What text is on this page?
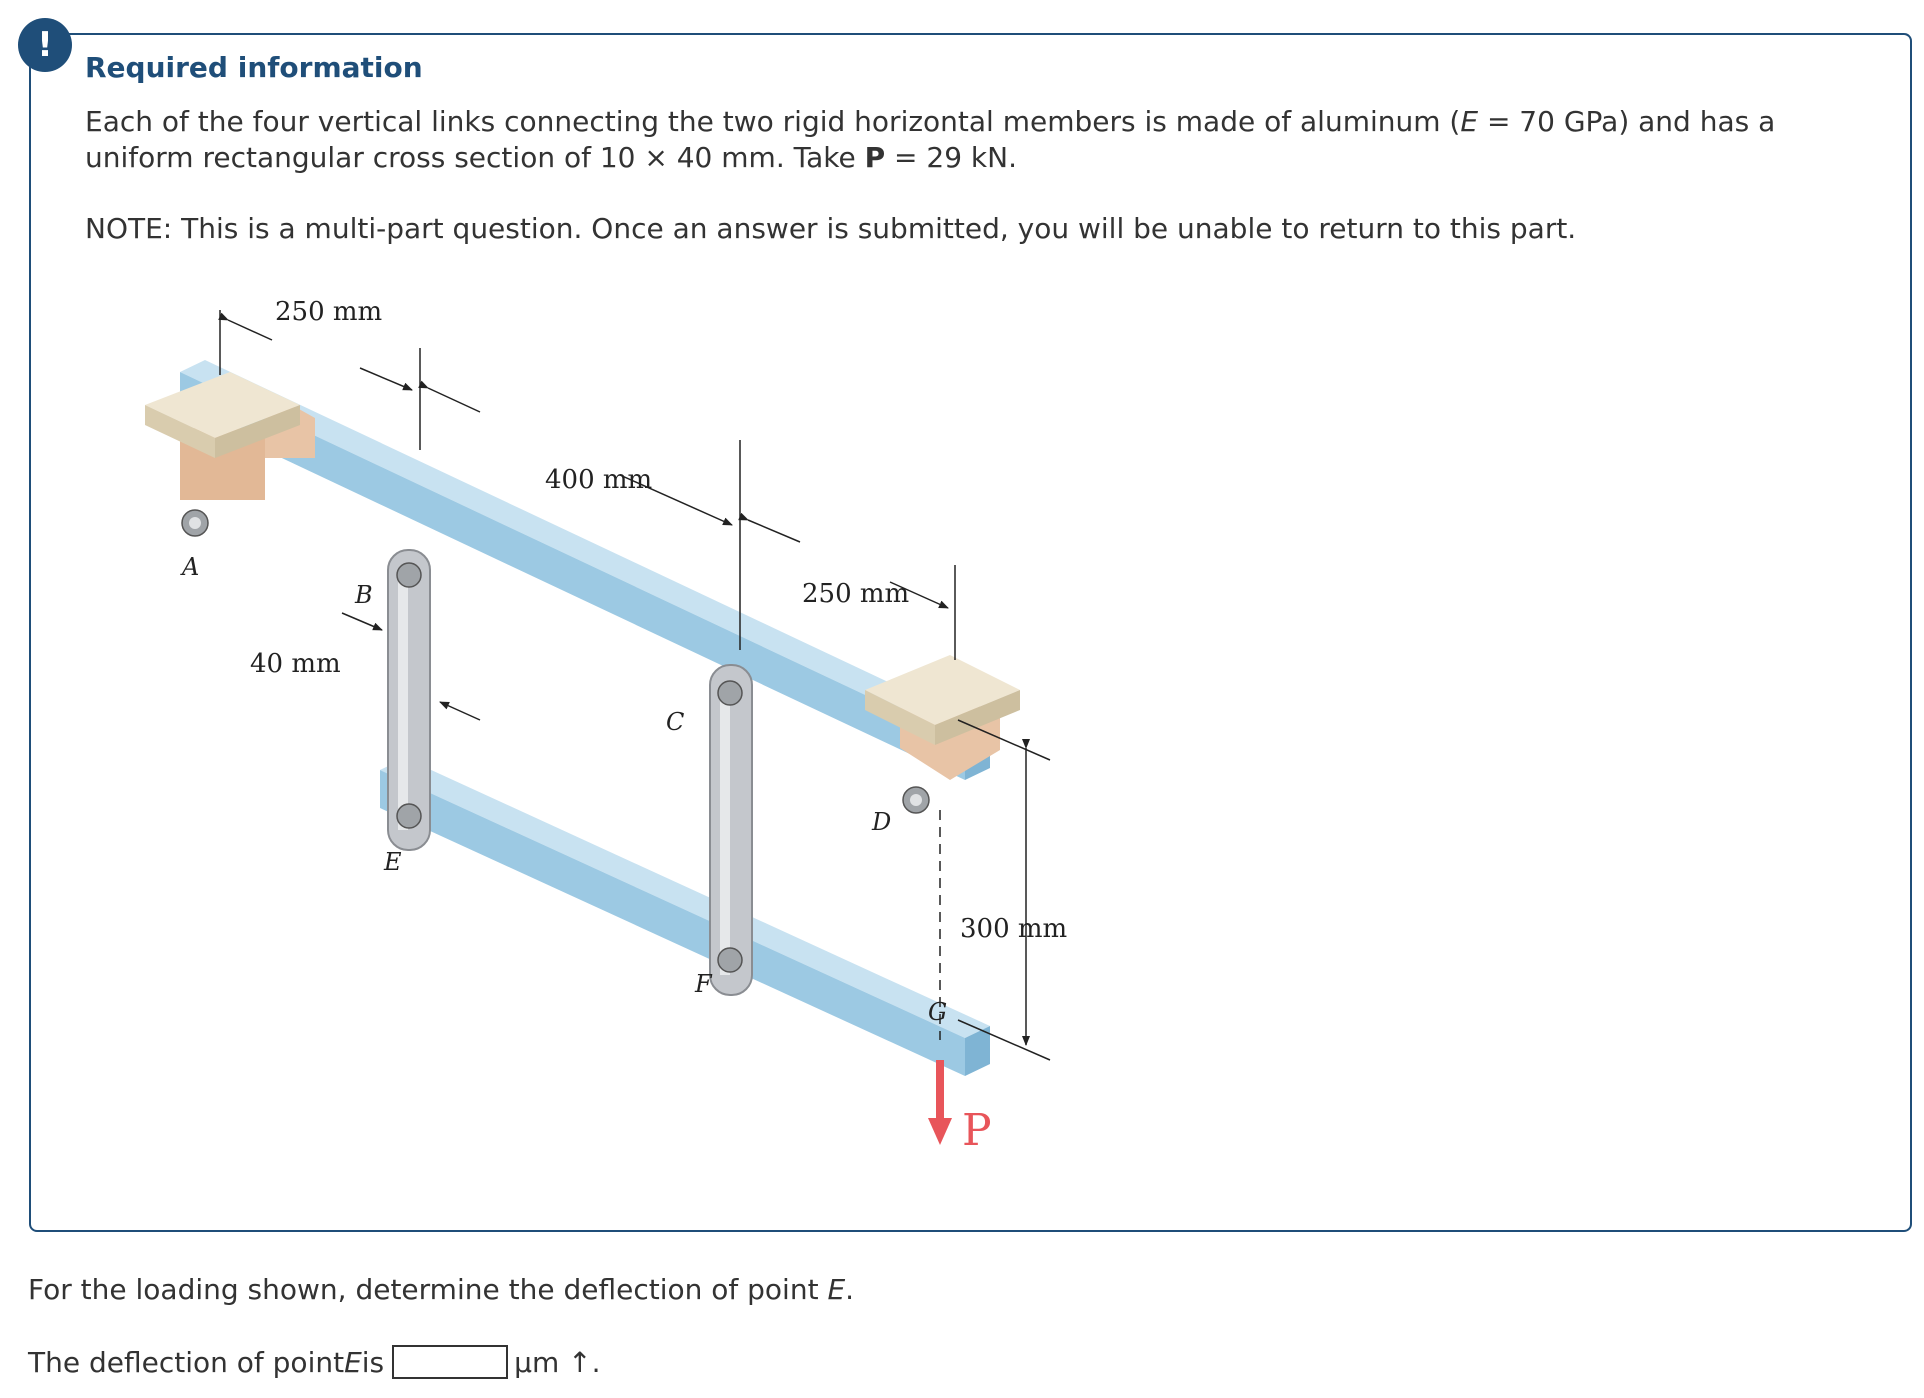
!
Required information
Each of the four vertical links connecting the two rigid horizontal members is made of aluminum (E = 70 GPa) and has a uniform rectangular cross section of 10 × 40 mm. Take P = 29 kN.
NOTE: This is a multi-part question. Once an answer is submitted, you will be unable to return to this part.
250 mm
400 mm
250 mm
40 mm
300 mm
A
B
C
D
E
F
G
P
For the loading shown, determine the deflection of point E.
The deflection of point E is	μm ↑.
